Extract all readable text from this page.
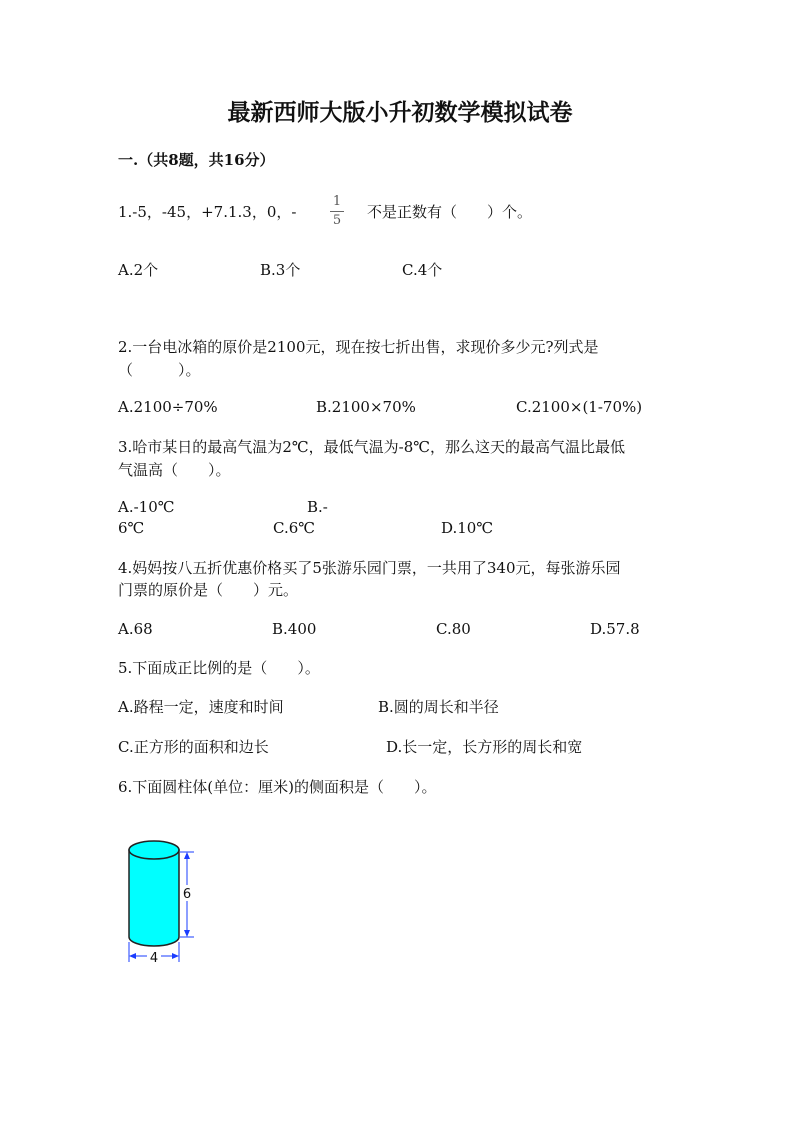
最新西师大版小升初数学模拟试卷
一.（共8题，共16分）
1.-5，-45，+7.1.3，0，-
1
5 不是正数有（　　）个。
A.2个	B.3个	C.4个
2.一台电冰箱的原价是2100元，现在按七折出售，求现价多少元?列式是
（　　　）。
A.2100÷70%	B.2100×70%	C.2100×(1-70%)
3.哈市某日的最高气温为2℃，最低气温为-8℃，那么这天的最高气温比最低
气温高（　　）。
A.-10℃	B.-
6℃	C.6℃	D.10℃
4.妈妈按八五折优惠价格买了5张游乐园门票，一共用了340元，每张游乐园
门票的原价是（　　）元。
A.68	B.400	C.80	D.57.8
5.下面成正比例的是（　　）。
A.路程一定，速度和时间	B.圆的周长和半径
C.正方形的面积和边长	D.长一定，长方形的周长和宽
6.下面圆柱体(单位：厘米)的侧面积是（　　）。
6
4
